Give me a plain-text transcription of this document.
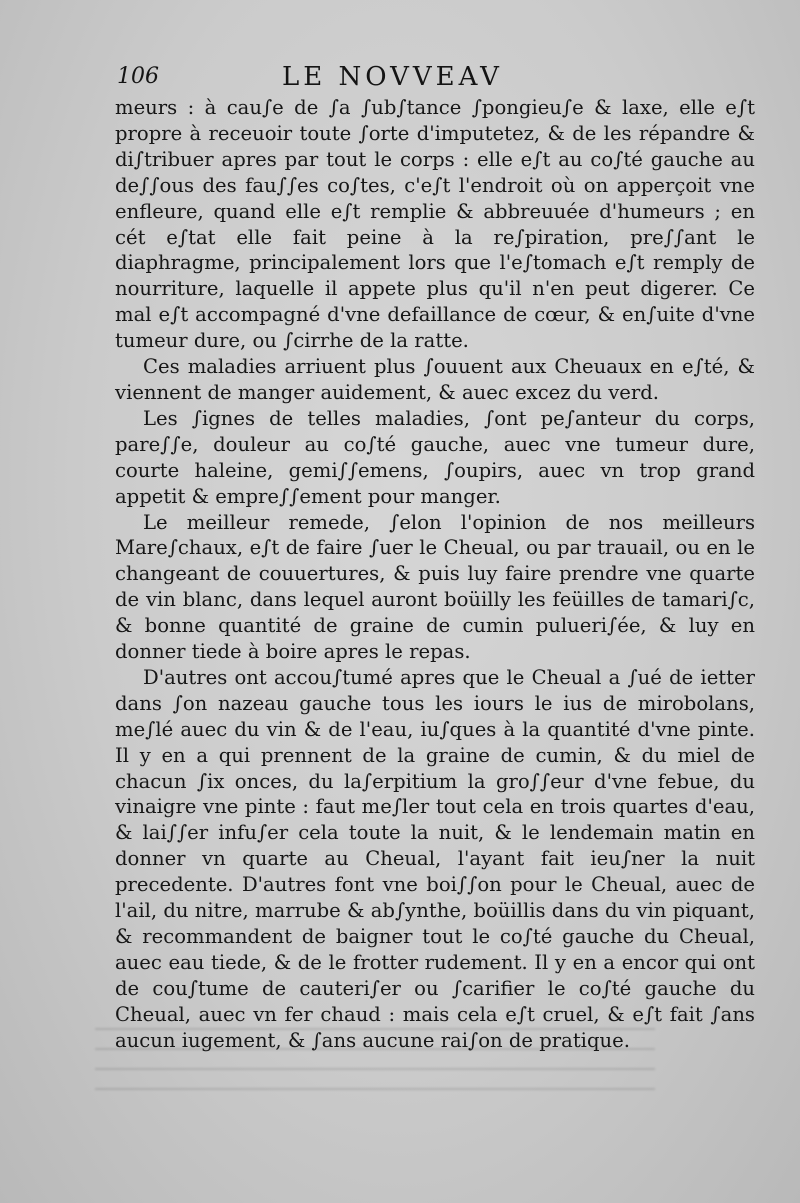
106	LE NOVVEAV

meurs : à cau∫e de ∫a ∫ub∫tance ∫pongieu∫e & laxe, elle e∫t propre à receuoir toute ∫orte d'imputetez, & de les répandre & di∫tribuer apres par tout le corps : elle e∫t au co∫té gauche au de∫∫ous des fau∫∫es co∫tes, c'e∫t l'endroit où on apperçoit vne enfleure, quand elle e∫t remplie & abbreuuée d'humeurs ; en cét e∫tat elle fait peine à la re∫piration, pre∫∫ant le diaphragme, principalement lors que l'e∫tomach e∫t remply de nourriture, laquelle il appete plus qu'il n'en peut digerer. Ce mal e∫t accompagné d'vne defaillance de cœur, & en∫uite d'vne tumeur dure, ou ∫cirrhe de la ratte.

Ces maladies arriuent plus ∫ouuent aux Cheuaux en e∫té, & viennent de manger auidement, & auec excez du verd.

Les ∫ignes de telles maladies, ∫ont pe∫anteur du corps, pare∫∫e, douleur au co∫té gauche, auec vne tumeur dure, courte haleine, gemi∫∫emens, ∫oupirs, auec vn trop grand appetit & empre∫∫ement pour manger.

Le meilleur remede, ∫elon l'opinion de nos meilleurs Mare∫chaux, e∫t de faire ∫uer le Cheual, ou par trauail, ou en le changeant de couuertures, & puis luy faire prendre vne quarte de vin blanc, dans lequel auront boüilly les feüilles de tamari∫c, & bonne quantité de graine de cumin pulueri∫ée, & luy en donner tiede à boire apres le repas.

D'autres ont accou∫tumé apres que le Cheual a ∫ué de ietter dans ∫on nazeau gauche tous les iours le ius de mirobolans, me∫lé auec du vin & de l'eau, iu∫ques à la quantité d'vne pinte. Il y en a qui prennent de la graine de cumin, & du miel de chacun ∫ix onces, du la∫erpitium la gro∫∫eur d'vne febue, du vinaigre vne pinte : faut me∫ler tout cela en trois quartes d'eau, & lai∫∫er infu∫er cela toute la nuit, & le lendemain matin en donner vn quarte au Cheual, l'ayant fait ieu∫ner la nuit precedente. D'autres font vne boi∫∫on pour le Cheual, auec de l'ail, du nitre, marrube & ab∫ynthe, boüillis dans du vin piquant, & recommandent de baigner tout le co∫té gauche du Cheual, auec eau tiede, & de le frotter rudement. Il y en a encor qui ont de cou∫tume de cauteri∫er ou ∫carifier le co∫té gauche du Cheual, auec vn fer chaud : mais cela e∫t cruel, & e∫t fait ∫ans aucun iugement, & ∫ans aucune rai∫on de pratique.
